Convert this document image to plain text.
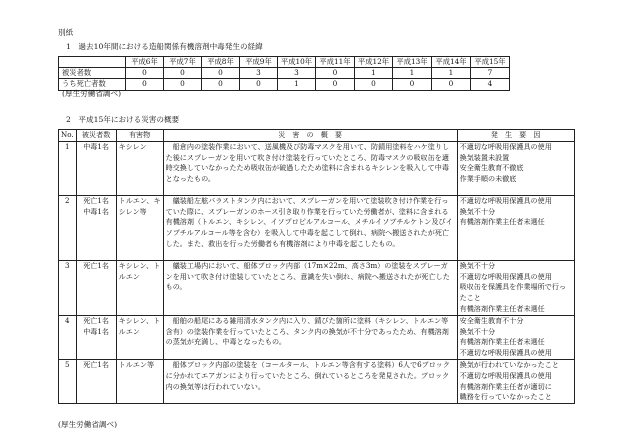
別紙
1　過去10年間における造船関係有機溶剤中毒発生の経緯
	平成6年	平成7年	平成8年	平成9年	平成10年	平成11年	平成12年	平成13年	平成14年	平成15年
被災者数	0	0	0	3	3	0	1	1	1	7
うち死亡者数	0	0	0	0	1	0	0	0	0	4
(厚生労働省調べ)
2　平成15年における災害の概要
No.	被災者数	有害物	災　害　の　概　要	発　生　要　因
1	中毒1名	キシレン	　船倉内の塗装作業において、送風機及び防毒マスクを用いて、防錆用塗料をハケ塗りした後にスプレーガンを用いて吹き付け塗装を行っていたところ、防毒マスクの吸収缶を適時交換していなかったため吸収缶が破過したため塗料に含まれるキシレンを吸入して中毒となったもの。	不適切な呼吸用保護具の使用
換気装置未設置
安全衛生教育不徹底
作業手順の未徹底

2	死亡1名
中毒1名	トルエン、キ
シレン等	　艤装船左舷バラストタンク内において、スプレーガンを用いて塗装吹き付け作業を行っていた際に、スプレーガンのホース引き取り作業を行っていた労働者が、塗料に含まれる有機溶剤（トルエン、キシレン、イソプロピルアルコール、メチルイソブチルケトン及びイソブチルアルコール等を含む）を吸入して中毒を起こして倒れ、病院へ搬送されたが死亡した。また、救出を行った労働者も有機溶剤により中毒を起こしたもの。	不適切な呼吸用保護具の使用
換気不十分
有機溶剤作業主任者未選任

3	死亡1名	キシレン、ト
ルエン	　艤装工場内において、船体ブロック内部（17m×22m、高さ3m）の塗装をスプレーガンを用いて吹き付け塗装していたところ、意識を失い倒れ、病院へ搬送されたが死亡したもの。	換気不十分
不適切な呼吸用保護具の使用
吸収缶を保護具を作業場所で行っ
たこと
有機溶剤作業主任者未選任

4	死亡1名
中毒1名	キシレン、ト
ルエン	　船舶の船尾にある雑用清水タンク内に入り、錆びた箇所に塗料（キシレン、トルエン等含有）の塗装作業を行っていたところ、タンク内の換気が不十分であったため、有機溶剤の蒸気が充満し、中毒となったもの。	安全衛生教育不十分
換気不十分
有機溶剤作業主任者未選任
不適切な呼吸用保護具の使用

5	死亡1名	トルエン等	　船体ブロック内部の塗装を（コールタール、トルエン等含有する塗料）6人で6ブロックに分かれてエアガンにより行っていたところ、倒れているところを発見された。ブロック内の換気等は行われていない。	換気が行われていなかったこと
不適切な呼吸用保護具の使用
有機溶剤作業主任者が適切に
職務を行っていなかったこと
(厚生労働省調べ)
